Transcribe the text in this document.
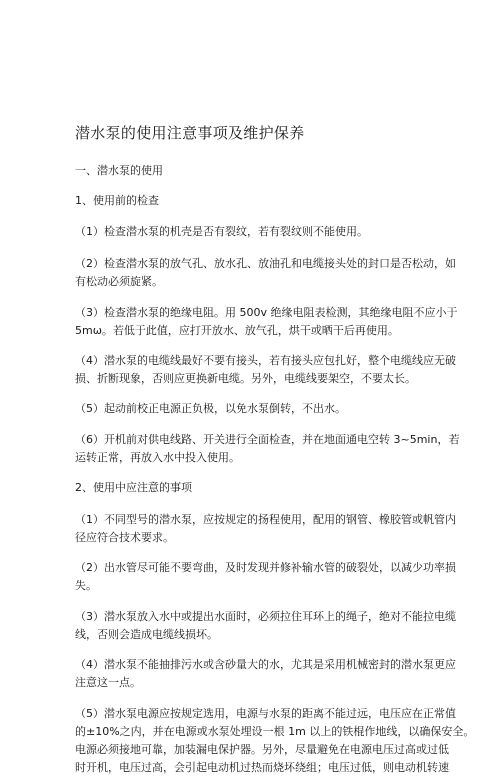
潜水泵的使用注意事项及维护保养
一、潜水泵的使用
1、使用前的检查
（1）检查潜水泵的机壳是否有裂纹，若有裂纹则不能使用。
（2）检查潜水泵的放气孔、放水孔、放油孔和电缆接头处的封口是否松动，如
有松动必须旋紧。
（3）检查潜水泵的绝缘电阻。用 500v 绝缘电阻表检测，其绝缘电阻不应小于
5mω。若低于此值，应打开放水、放气孔，烘干或晒干后再使用。
（4）潜水泵的电缆线最好不要有接头，若有接头应包扎好，整个电缆线应无破
损、折断现象，否则应更换新电缆。另外，电缆线要架空，不要太长。
（5）起动前校正电源正负极，以免水泵倒转，不出水。
（6）开机前对供电线路、开关进行全面检查，并在地面通电空转 3~5min，若
运转正常，再放入水中投入使用。
2、使用中应注意的事项
（1）不同型号的潜水泵，应按规定的扬程使用，配用的钢管、橡胶管或帆管内
径应符合技术要求。
（2）出水管尽可能不要弯曲，及时发现并修补输水管的破裂处，以减少功率损
失。
（3）潜水泵放入水中或提出水面时，必须拉住耳环上的绳子，绝对不能拉电缆
线，否则会造成电缆线损坏。
（4）潜水泵不能抽排污水或含砂量大的水，尤其是采用机械密封的潜水泵更应
注意这一点。
（5）潜水泵电源应按规定选用，电源与水泵的距离不能过远，电压应在正常值
的±10%之内，并在电源或水泵处埋设一根 1m 以上的铁棍作地线，以确保安全。
电源必须接地可靠，加装漏电保护器。另外，尽量避免在电源电压过高或过低
时开机，电压过高，会引起电动机过热而烧坏绕组；电压过低，则电动机转速
